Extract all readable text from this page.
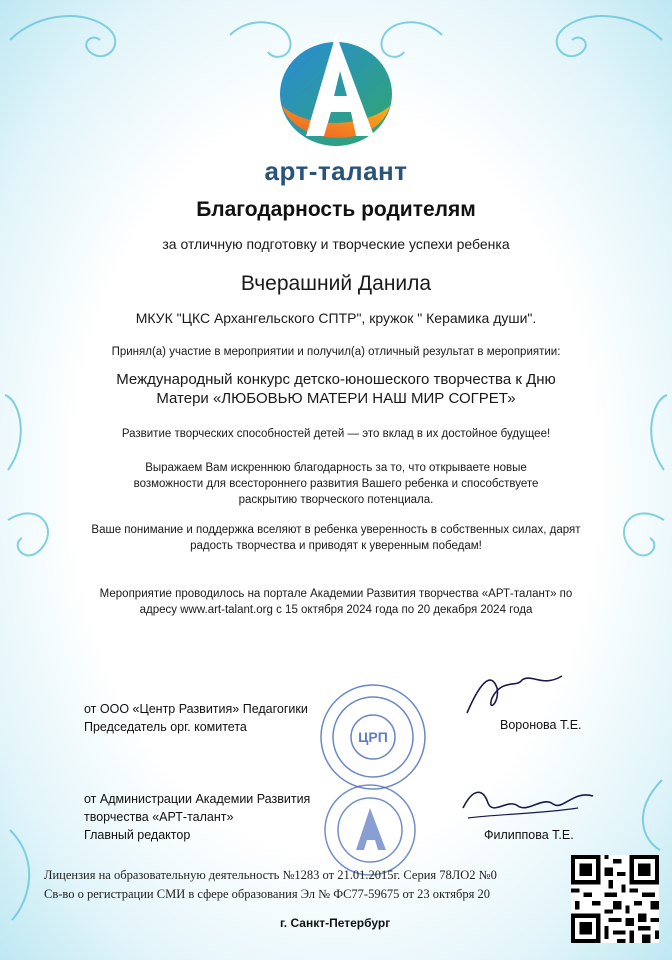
арт-талант
Благодарность родителям
за отличную подготовку и творческие успехи ребенка
Вчерашний Данила
МКУК "ЦКС Архангельского СПТР", кружок " Керамика души".
Принял(а) участие в мероприятии и получил(а) отличный результат в мероприятии:
Международный конкурс детско-юношеского творчества к Дню Матери «ЛЮБОВЬЮ МАТЕРИ НАШ МИР СОГРЕТ»
Развитие творческих способностей детей — это вклад в их достойное будущее!
Выражаем Вам искреннюю благодарность за то, что открываете новые возможности для всестороннего развития Вашего ребенка и способствуете раскрытию творческого потенциала.
Ваше понимание и поддержка вселяют в ребенка уверенность в собственных силах, дарят радость творчества и приводят к уверенным победам!
Мероприятие проводилось на портале Академии Развития творчества «АРТ-талант» по адресу www.art-talant.org с 15 октября 2024 года по 20 декабря 2024 года
от ООО «Центр Развития» Педагогики
Председатель орг. комитета
от Администрации Академии Развития
творчества «АРТ-талант»
Главный редактор
ЦРП
Воронова Т.Е.
Филиппова Т.Е.
Лицензия на образовательную деятельность №1283 от 21.01.2015г. Серия 78ЛО2 №0
Св-во о регистрации СМИ в сфере образования Эл № ФС77-59675 от 23 октября 20
г. Санкт-Петербург
